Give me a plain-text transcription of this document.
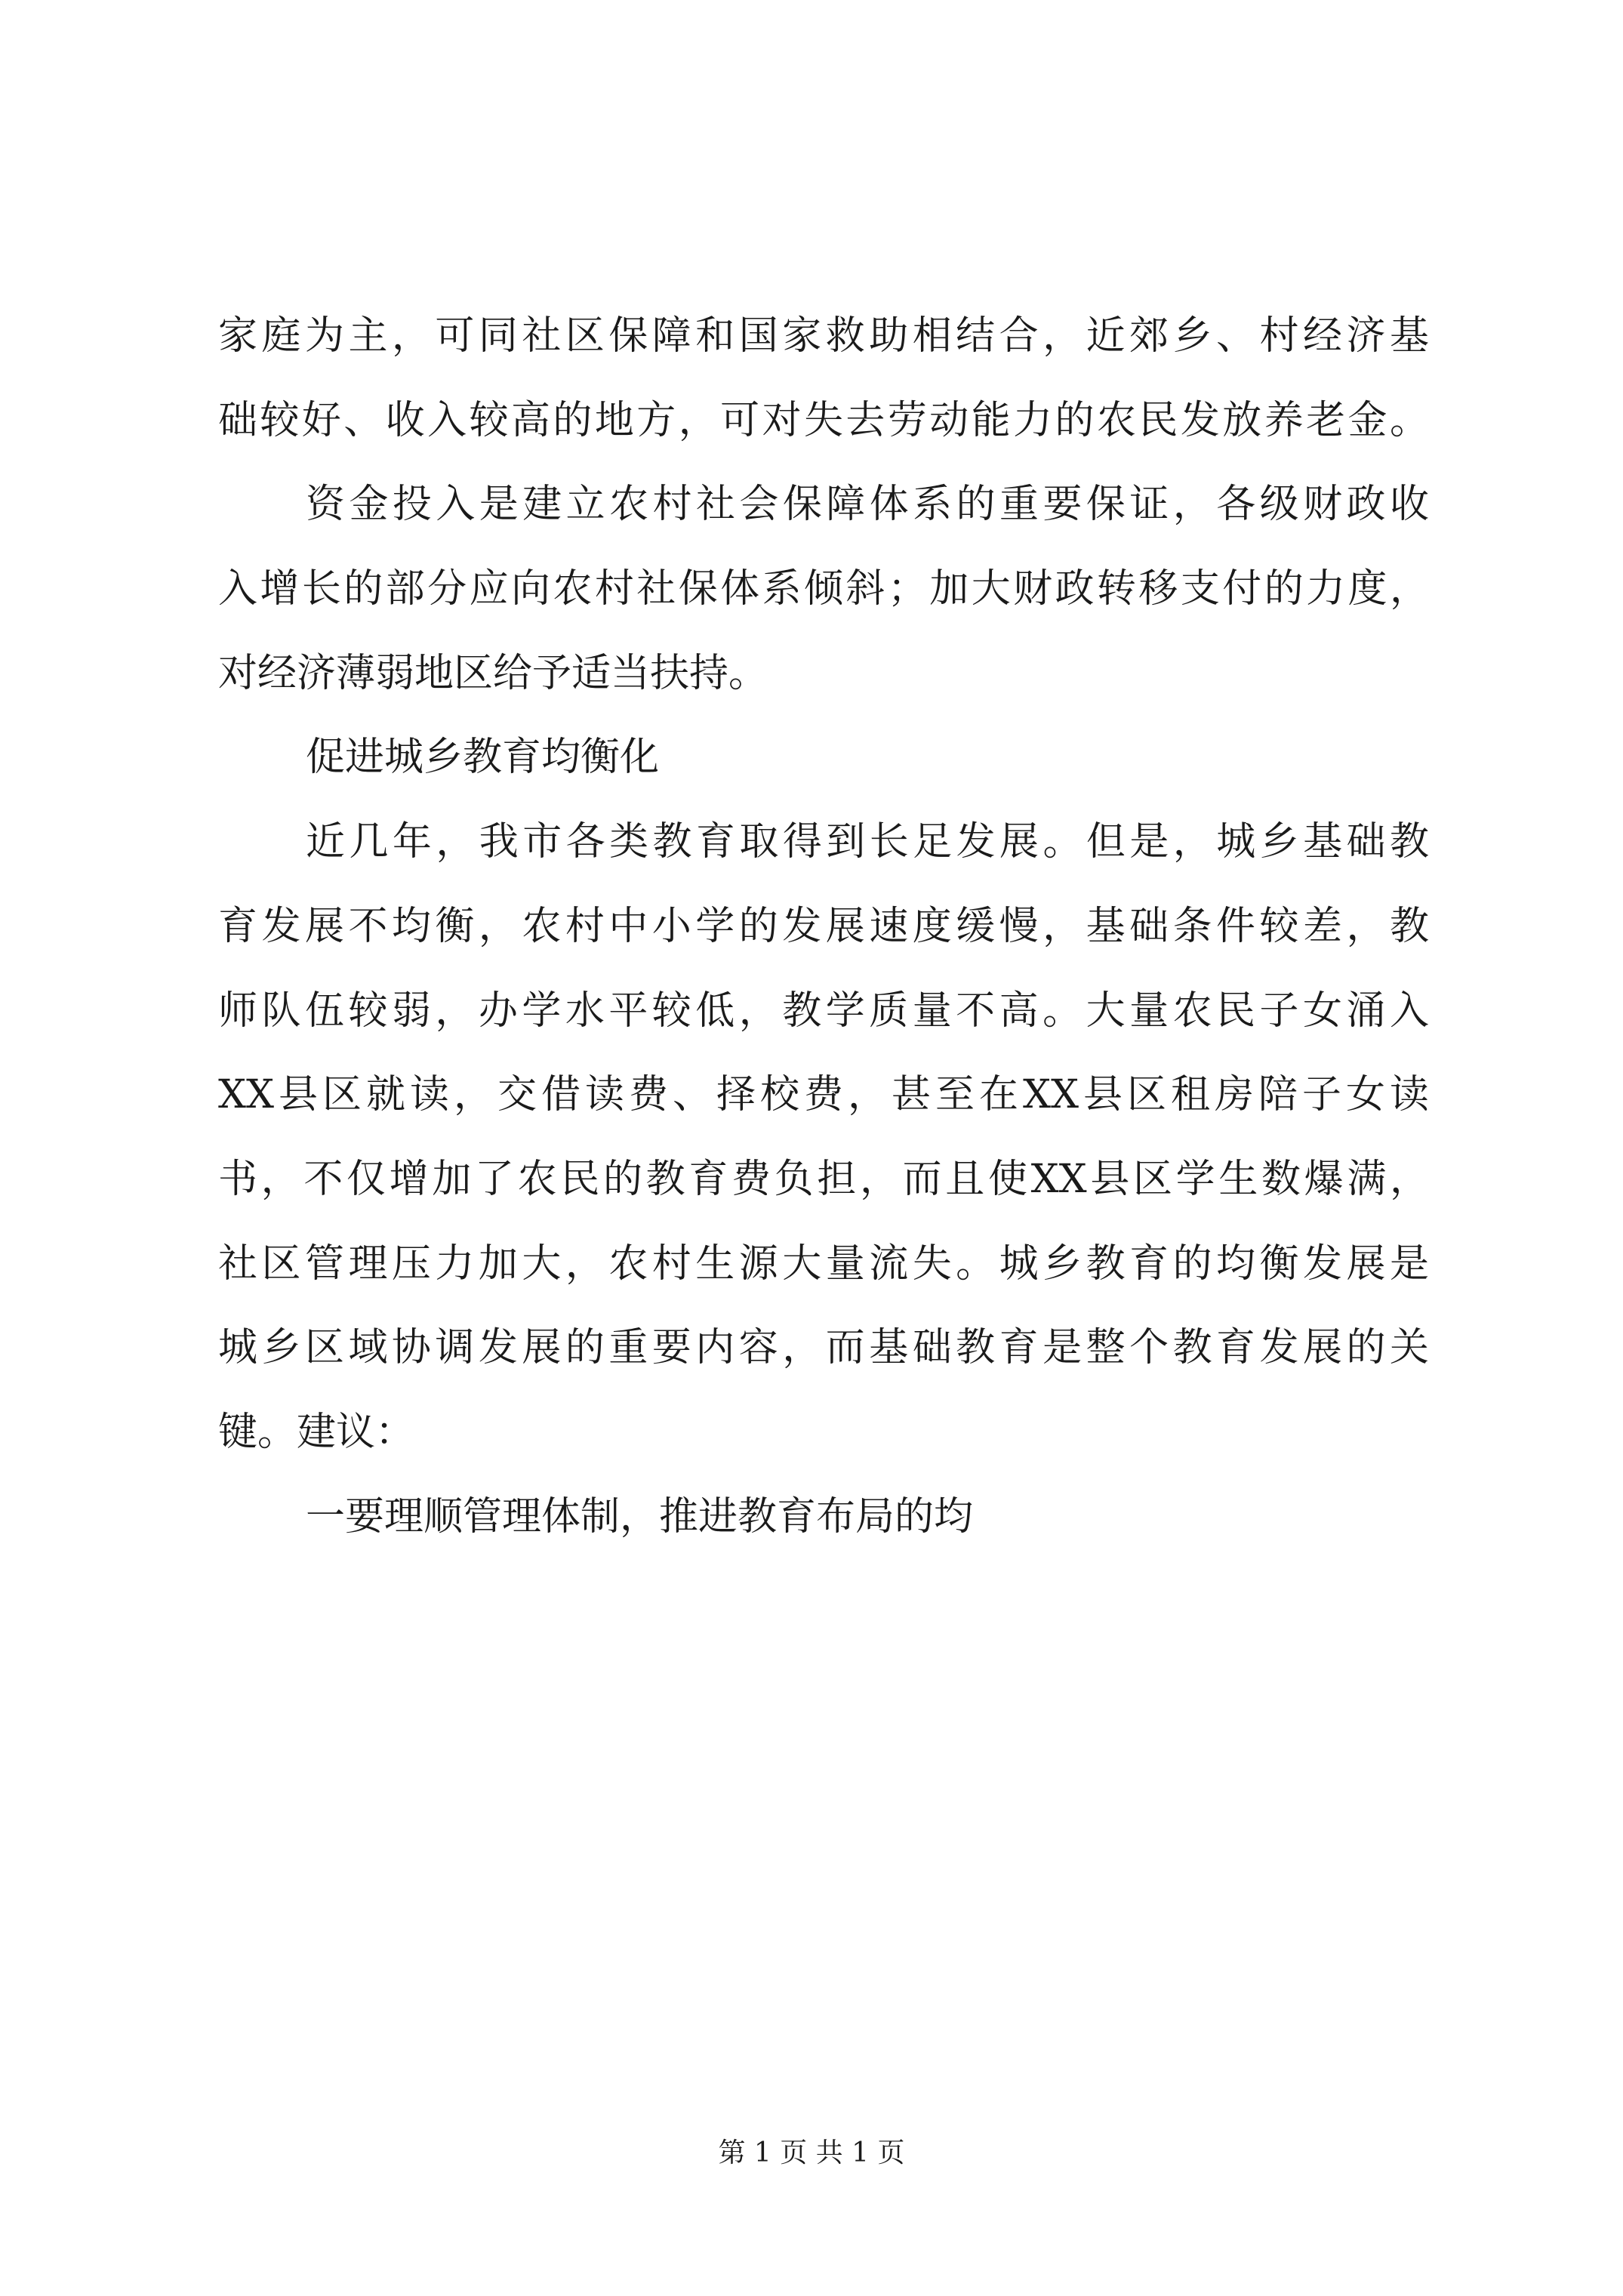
家庭为主，可同社区保障和国家救助相结合，近郊乡、村经济基
础较好、收入较高的地方，可对失去劳动能力的农民发放养老金。

资金投入是建立农村社会保障体系的重要保证，各级财政收
入增长的部分应向农村社保体系倾斜；加大财政转移支付的力度，
对经济薄弱地区给予适当扶持。

促进城乡教育均衡化

近几年，我市各类教育取得到长足发展。但是，城乡基础教
育发展不均衡，农村中小学的发展速度缓慢，基础条件较差，教
师队伍较弱，办学水平较低，教学质量不高。大量农民子女涌入
XX县区就读，交借读费、择校费，甚至在XX县区租房陪子女读
书，不仅增加了农民的教育费负担，而且使XX县区学生数爆满，
社区管理压力加大，农村生源大量流失。城乡教育的均衡发展是
城乡区域协调发展的重要内容，而基础教育是整个教育发展的关
键。建议：

一要理顺管理体制，推进教育布局的均

第 1 页 共 1 页
